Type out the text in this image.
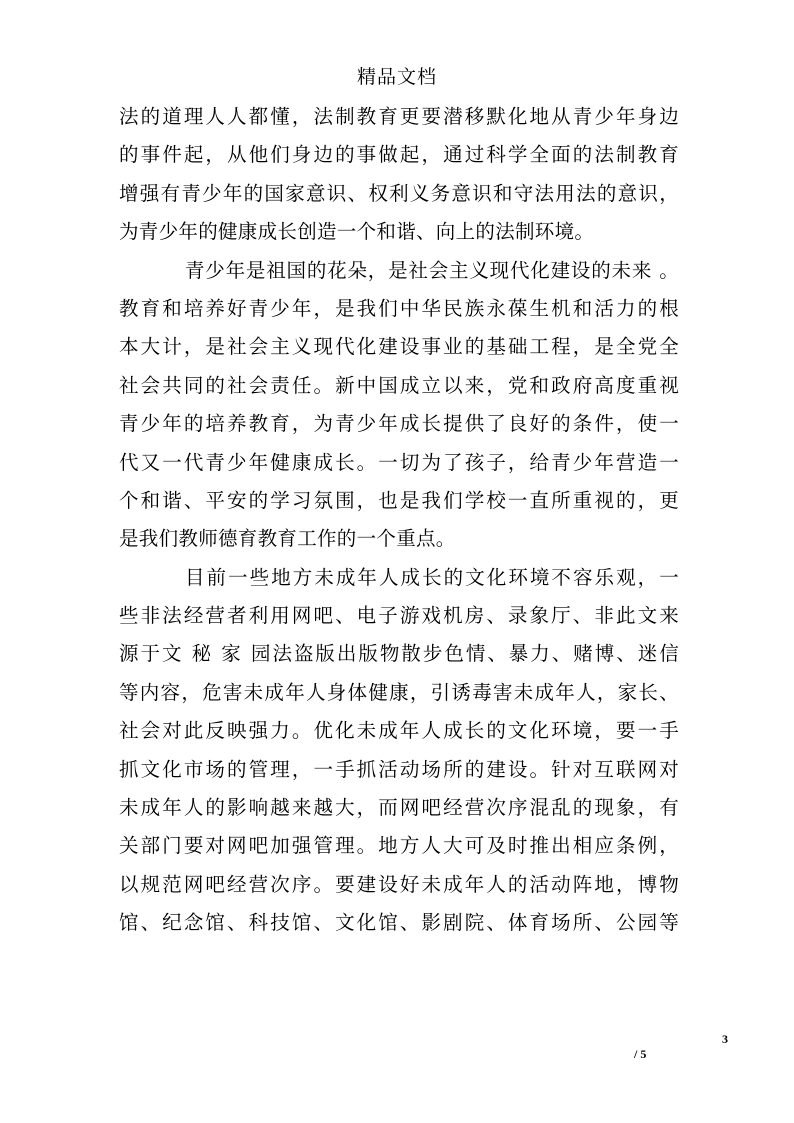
精品文档
法的道理人人都懂，法制教育更要潜移默化地从青少年身边
的事件起，从他们身边的事做起，通过科学全面的法制教育
增强有青少年的国家意识、权利义务意识和守法用法的意识，
为青少年的健康成长创造一个和谐、向上的法制环境。
青少年是祖国的花朵，是社会主义现代化建设的未来 。
教育和培养好青少年，是我们中华民族永葆生机和活力的根
本大计，是社会主义现代化建设事业的基础工程，是全党全
社会共同的社会责任。新中国成立以来，党和政府高度重视
青少年的培养教育，为青少年成长提供了良好的条件，使一
代又一代青少年健康成长。一切为了孩子，给青少年营造一
个和谐、平安的学习氛围，也是我们学校一直所重视的，更
是我们教师德育教育工作的一个重点。
目前一些地方未成年人成长的文化环境不容乐观，一
些非法经营者利用网吧、电子游戏机房、录象厅、非此文来
源于文 秘 家 园法盗版出版物散步色情、暴力、赌博、迷信
等内容，危害未成年人身体健康，引诱毒害未成年人，家长、
社会对此反映强力。优化未成年人成长的文化环境，要一手
抓文化市场的管理，一手抓活动场所的建设。针对互联网对
未成年人的影响越来越大，而网吧经营次序混乱的现象，有
关部门要对网吧加强管理。地方人大可及时推出相应条例，
以规范网吧经营次序。要建设好未成年人的活动阵地，博物
馆、纪念馆、科技馆、文化馆、影剧院、体育场所、公园等
3
/ 5
